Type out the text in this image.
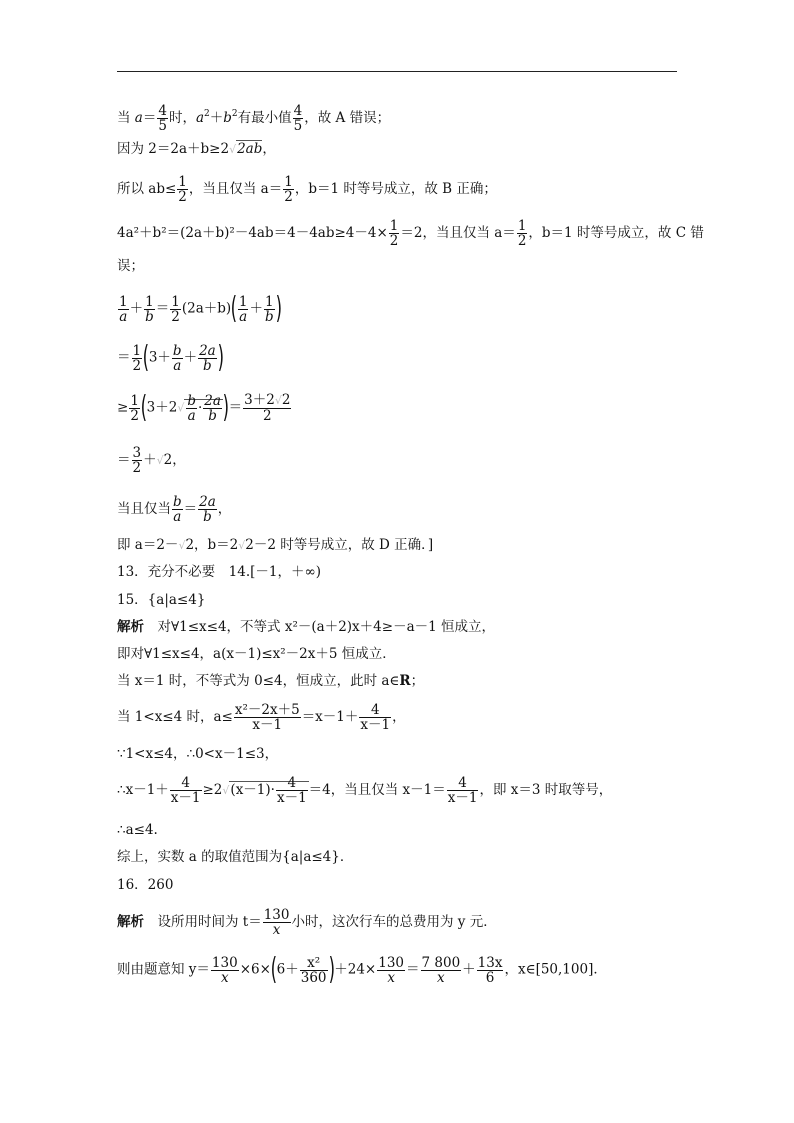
当 $a= \frac{4}{5}$ 时，$a^2+b^2$有最小值 $\frac{4}{5}$ ，故 A 错误；
因为 2＝2a＋b≥2√2ab，
所以 $ab\le \frac{1}{2}$ ，当且仅当 $a= \frac{1}{2}$ ，b＝1 时等号成立，故 B 正确；
$4a^2+b^2=(2a+b)^2-4ab=4-4ab\ge 4-4\times \frac{1}{2} =2$，当且仅当 $a= \frac{1}{2}$ ，b＝1 时等号成立，故 C 错
误；
$\frac{1}{a} + \frac{1}{b} = \frac{1}{2} (2a+b)( \frac{1}{a} + \frac{1}{b}$ )
＝ $\frac{1}{2} (3+ \frac{b}{a} + \frac{2a}{b}$ )
≥ $\frac{1}{2} (3+2√ \frac{b}{a} \cdot \frac{2a}{b}$ )＝ $\frac{3+2√2}{2}$
＝ $\frac{3}{2} +√2$，
当且仅当 $\frac{b}{a} = \frac{2a}{b}$ ，
即 a＝2－√2，b＝2√2－2 时等号成立，故 D 正确．]
13．充分不必要　14.[－1，＋∞)
15．{a|a≤4}
解析　对∀1≤x≤4，不等式 x²－(a＋2)x＋4≥－a－1 恒成立，
即对∀1≤x≤4，a(x－1)≤x²－2x＋5 恒成立．
当 x＝1 时，不等式为 0≤4，恒成立，此时 a∈R；
当 1<x≤4 时，$a\le \frac{\text{x²－2x＋5}}{x-1} =x-1+ \frac{4}{x-1}$ ，
∵1<x≤4，∴0<x－1≤3，
∴x－1＋ $\frac{4}{x-1} \ge 2√(x-1)\cdot \frac{4}{x-1} =4$，当且仅当 $x-1= \frac{4}{x-1}$ ，即 x＝3 时取等号，
∴a≤4.
综上，实数 a 的取值范围为{a|a≤4}．
16．260
解析　设所用时间为 $t= \frac{130}{x}$ 小时，这次行车的总费用为 y 元．
则由题意知 $y= \frac{130}{x} \times 6\times(6+ \frac{\text{x²}}{360} )+24\times \frac{130}{x} = \frac{7 800}{x} + \frac{13x}{6}$ ，x∈[50,100]．
